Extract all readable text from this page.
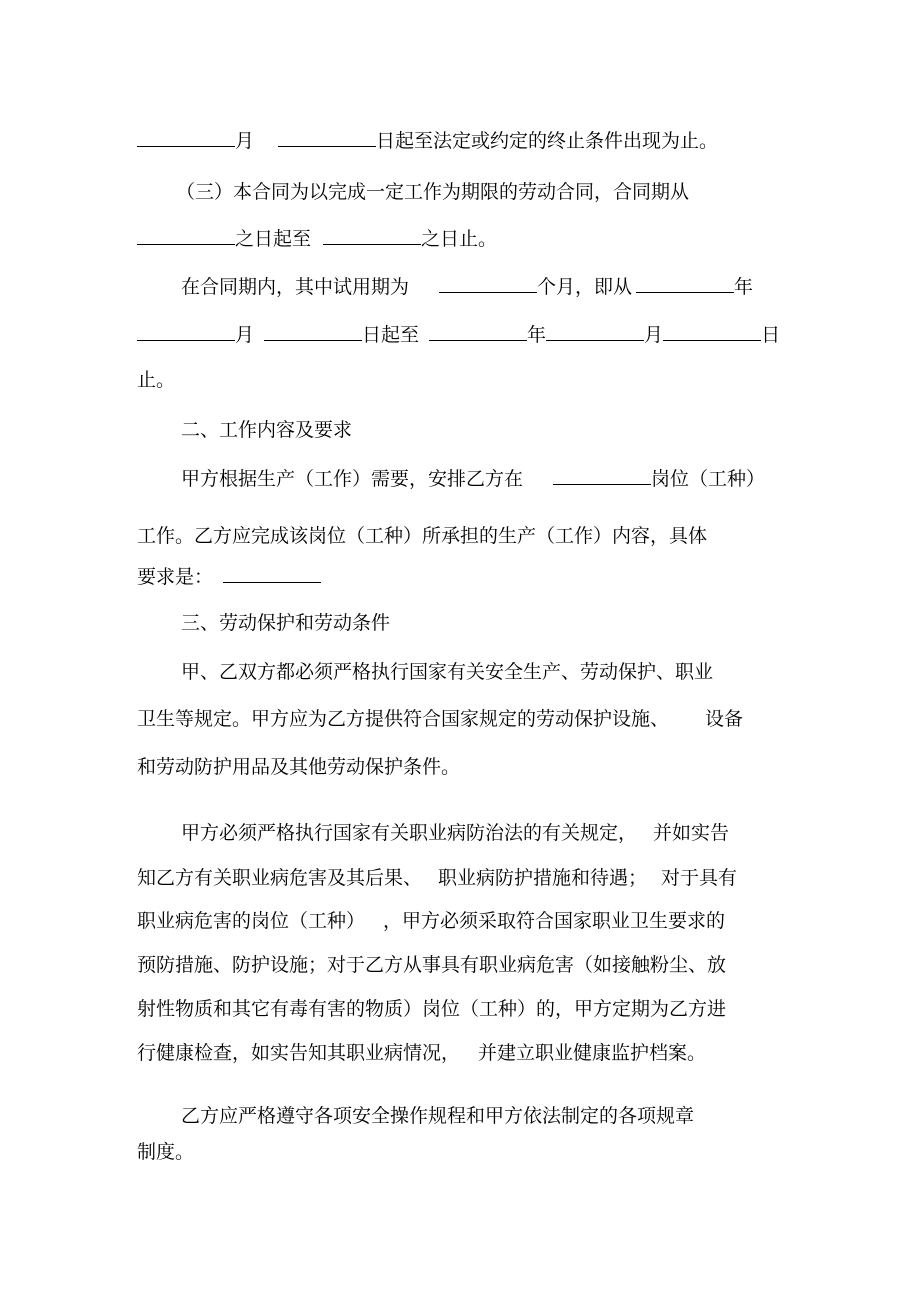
月	日起至法定或约定的终止条件出现为止。
（三）本合同为以完成一定工作为期限的劳动合同，合同期从
之日起至	之日止。
在合同期内，其中试用期为	个月，即从	年
月	日起至	年	月	日
止。
二、工作内容及要求
甲方根据生产（工作）需要，安排乙方在	岗位（工种）
工作。乙方应完成该岗位（工种）所承担的生产（工作）内容，具体
要求是：
三、劳动保护和劳动条件
甲、乙双方都必须严格执行国家有关安全生产、劳动保护、职业
卫生等规定。甲方应为乙方提供符合国家规定的劳动保护设施、 设备
和劳动防护用品及其他劳动保护条件。
甲方必须严格执行国家有关职业病防治法的有关规定， 并如实告
知乙方有关职业病危害及其后果、 职业病防护措施和待遇； 对于具有
职业病危害的岗位（工种） ，甲方必须采取符合国家职业卫生要求的
预防措施、防护设施；对于乙方从事具有职业病危害（如接触粉尘、放
射性物质和其它有毒有害的物质）岗位（工种）的，甲方定期为乙方进
行健康检查，如实告知其职业病情况， 并建立职业健康监护档案。
乙方应严格遵守各项安全操作规程和甲方依法制定的各项规章
制度。
